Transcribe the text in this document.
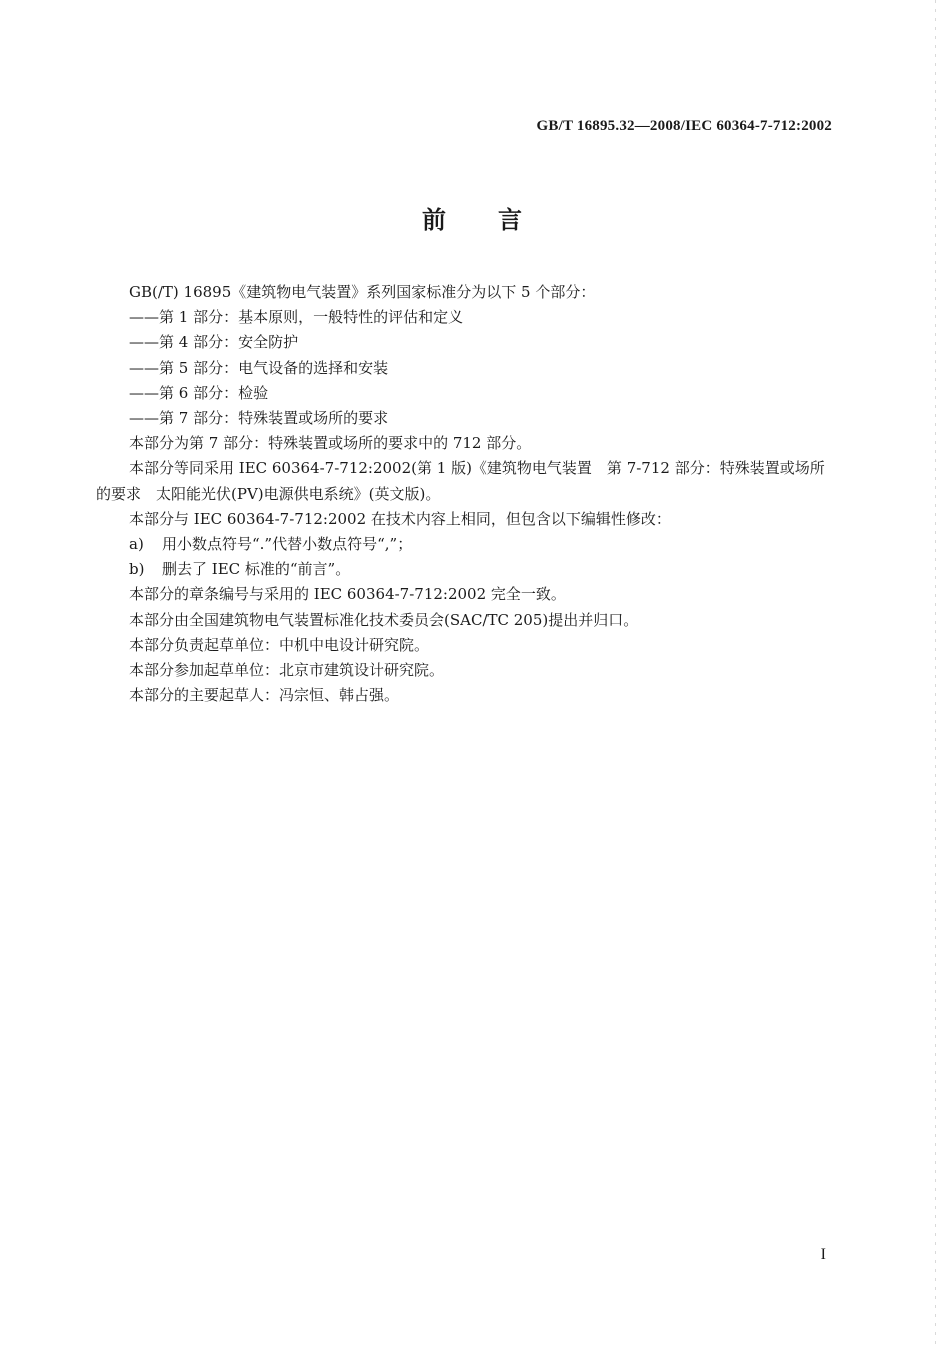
GB/T 16895.32—2008/IEC 60364-7-712:2002
前言

GB(/T) 16895《建筑物电气装置》系列国家标准分为以下 5 个部分：

——第 1 部分：基本原则，一般特性的评估和定义

——第 4 部分：安全防护

——第 5 部分：电气设备的选择和安装

——第 6 部分：检验

——第 7 部分：特殊装置或场所的要求

本部分为第 7 部分：特殊装置或场所的要求中的 712 部分。

本部分等同采用 IEC 60364-7-712:2002(第 1 版)《建筑物电气装置　第 7-712 部分：特殊装置或场所的要求　太阳能光伏(PV)电源供电系统》(英文版)。

本部分与 IEC 60364-7-712:2002 在技术内容上相同，但包含以下编辑性修改：

a) 用小数点符号“.”代替小数点符号“,”；

b) 删去了 IEC 标准的“前言”。

本部分的章条编号与采用的 IEC 60364-7-712:2002 完全一致。

本部分由全国建筑物电气装置标准化技术委员会(SAC/TC 205)提出并归口。

本部分负责起草单位：中机中电设计研究院。

本部分参加起草单位：北京市建筑设计研究院。

本部分的主要起草人：冯宗恒、韩占强。

I
